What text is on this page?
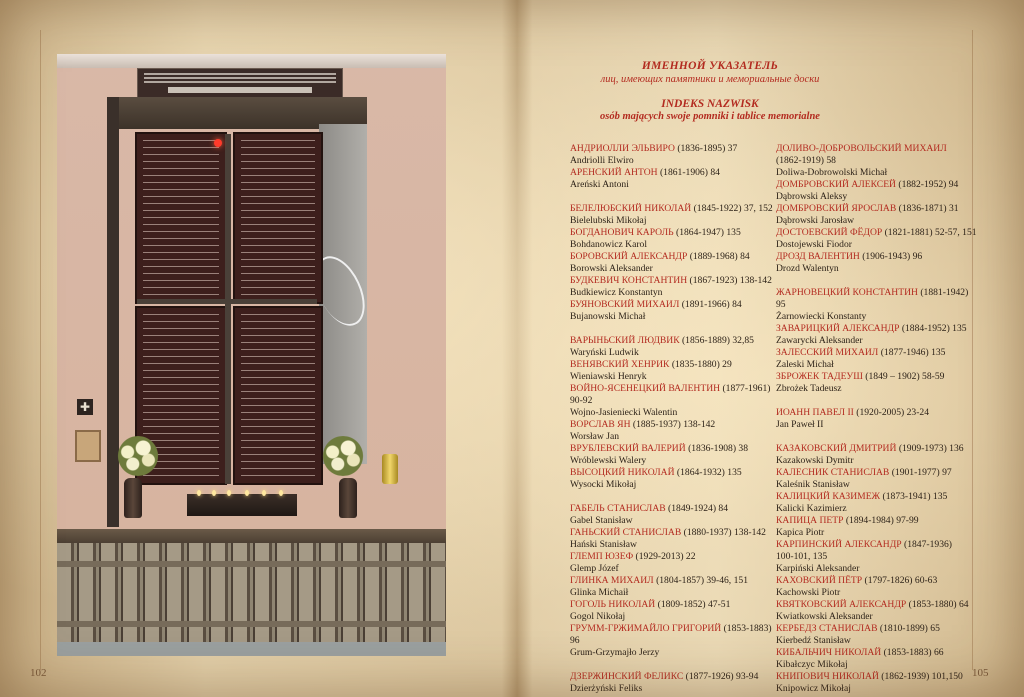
✚
ИМЕННОЙ УКАЗАТЕЛЬ
лиц, имеющих памятники и мемориальные доски
INDEKS NAZWISK
osób mających swoje pomniki i tablice memorialne
АНДРИОЛЛИ ЭЛЬВИРО (1836-1895) 37
Andriolli Elwiro
АРЕНСКИЙ АНТОН (1861-1906) 84
Areński Antoni
БЕЛЕЛЮБСКИЙ НИКОЛАЙ (1845-1922) 37, 152
Bielelubski Mikołaj
БОГДАНОВИЧ КАРОЛЬ (1864-1947) 135
Bohdanowicz Karol
БОРОВСКИЙ АЛЕКСАНДР (1889-1968) 84
Borowski Aleksander
БУДКЕВИЧ КОНСТАНТИН (1867-1923) 138-142
Budkiewicz Konstantyn
БУЯНОВСКИЙ МИХАИЛ (1891-1966) 84
Bujanowski Michał
ВАРЫНЬСКИЙ ЛЮДВИК (1856-1889) 32,85
Waryński Ludwik
ВЕНЯВСКИЙ ХЕНРИК (1835-1880) 29
Wieniawski Henryk
ВОЙНО-ЯСЕНЕЦКИЙ ВАЛЕНТИН (1877-1961)
90-92
Wojno-Jasieniecki Walentin
ВОРСЛАВ ЯН (1885-1937) 138-142
Worsław Jan
ВРУБЛЕВСКИЙ ВАЛЕРИЙ (1836-1908) 38
Wróblewski Walery
ВЫСОЦКИЙ НИКОЛАЙ (1864-1932) 135
Wysocki Mikołaj
ГАБЕЛЬ СТАНИСЛАВ (1849-1924) 84
Gabel Stanisław
ГАНЬСКИЙ СТАНИСЛАВ (1880-1937) 138-142
Hański Stanisław
ГЛЕМП ЮЗЕФ (1929-2013) 22
Glemp Józef
ГЛИНКА МИХАИЛ (1804-1857) 39-46, 151
Glinka Michaił
ГОГОЛЬ НИКОЛАЙ (1809-1852) 47-51
Gogol Nikołaj
ГРУММ-ГРЖИМАЙЛО ГРИГОРИЙ (1853-1883)
96
Grum-Grzymajło Jerzy
ДЗЕРЖИНСКИЙ ФЕЛИКС (1877-1926) 93-94
Dzierżyński Feliks
ДОЛИВО-ДОБРОВОЛЬСКИЙ МИХАИЛ
(1862-1919) 58
Doliwa-Dobrowolski Michał
ДОМБРОВСКИЙ АЛЕКСЕЙ (1882-1952) 94
Dąbrowski Aleksy
ДОМБРОВСКИЙ ЯРОСЛАВ (1836-1871) 31
Dąbrowski Jarosław
ДОСТОЕВСКИЙ ФЁДОР (1821-1881) 52-57, 151
Dostojewski Fiodor
ДРОЗД ВАЛЕНТИН (1906-1943) 96
Drozd Walentyn
ЖАРНОВЕЦКИЙ КОНСТАНТИН (1881-1942)
95
Żarnowiecki Konstanty
ЗАВАРИЦКИЙ АЛЕКСАНДР (1884-1952) 135
Zawarycki Aleksander
ЗАЛЕССКИЙ МИХАИЛ (1877-1946) 135
Zaleski Michał
ЗБРОЖЕК ТАДЕУШ (1849 – 1902) 58-59
Zbrożek Tadeusz
ИОАНН ПАВЕЛ II (1920-2005) 23-24
Jan Paweł II
КАЗАКОВСКИЙ ДМИТРИЙ (1909-1973) 136
Kazakowski Dymitr
КАЛЕСНИК СТАНИСЛАВ (1901-1977) 97
Kaleśnik Stanisław
КАЛИЦКИЙ КАЗИМЕЖ (1873-1941) 135
Kalicki Kazimierz
КАПИЦА ПЕТР (1894-1984) 97-99
Kapica Piotr
КАРПИНСКИЙ АЛЕКСАНДР (1847-1936)
100-101, 135
Karpiński Aleksander
КАХОВСКИЙ ПЁТР (1797-1826) 60-63
Kachowski Piotr
КВЯТКОВСКИЙ АЛЕКСАНДР (1853-1880) 64
Kwiatkowski Aleksander
КЕРБЕДЗ СТАНИСЛАВ (1810-1899) 65
Kierbedź Stanisław
КИБАЛЬЧИЧ НИКОЛАЙ (1853-1883) 66
Kibałczyc Mikołaj
КНИПОВИЧ НИКОЛАЙ (1862-1939) 101,150
Knipowicz Mikołaj
102	105
